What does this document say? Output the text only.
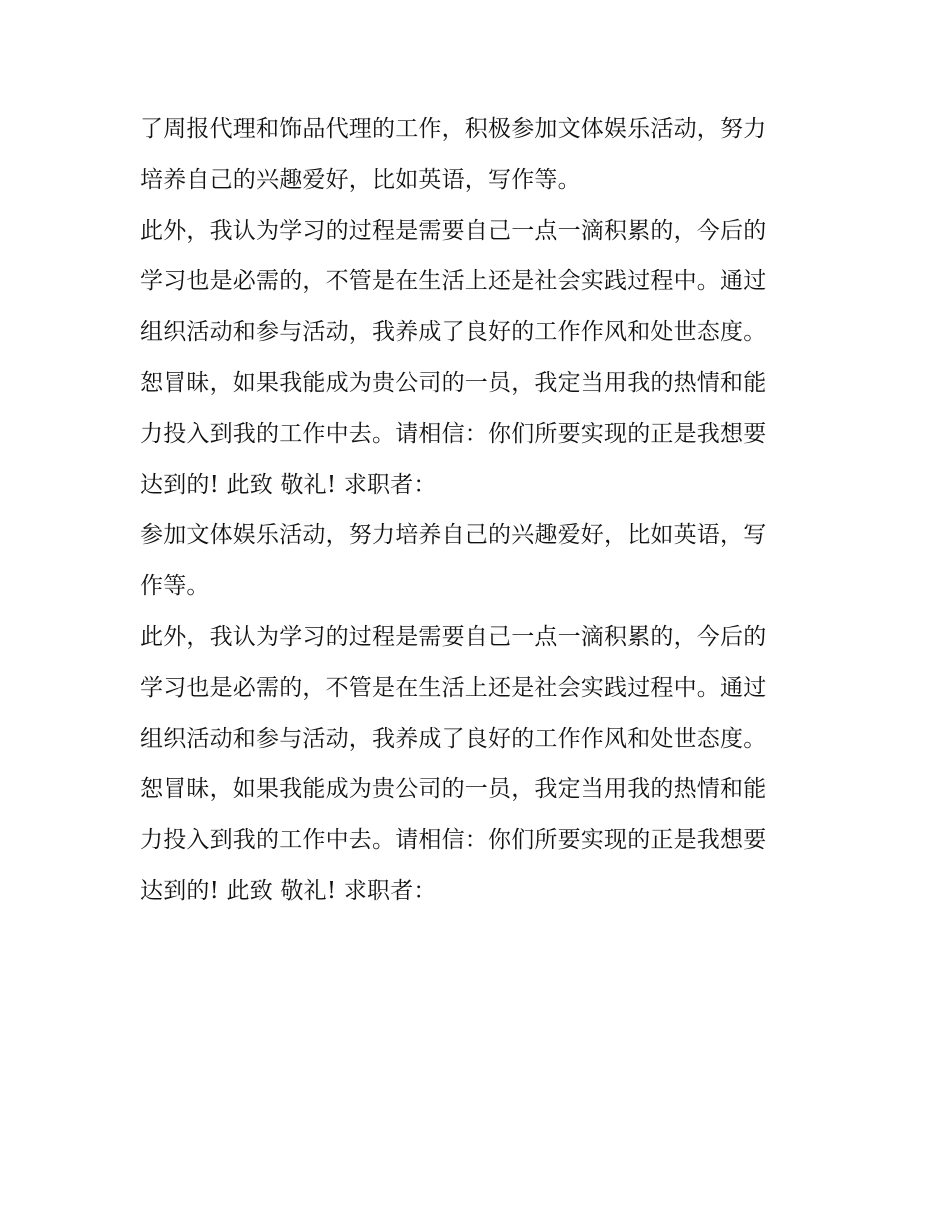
了周报代理和饰品代理的工作，积极参加文体娱乐活动，努力

培养自己的兴趣爱好，比如英语，写作等。

此外，我认为学习的过程是需要自己一点一滴积累的，今后的

学习也是必需的，不管是在生活上还是社会实践过程中。通过

组织活动和参与活动，我养成了良好的工作作风和处世态度。

恕冒昧，如果我能成为贵公司的一员，我定当用我的热情和能

力投入到我的工作中去。请相信：你们所要实现的正是我想要

达到的! 此致 敬礼! 求职者：

参加文体娱乐活动，努力培养自己的兴趣爱好，比如英语，写

作等。

此外，我认为学习的过程是需要自己一点一滴积累的，今后的

学习也是必需的，不管是在生活上还是社会实践过程中。通过

组织活动和参与活动，我养成了良好的工作作风和处世态度。

恕冒昧，如果我能成为贵公司的一员，我定当用我的热情和能

力投入到我的工作中去。请相信：你们所要实现的正是我想要

达到的! 此致 敬礼! 求职者：
